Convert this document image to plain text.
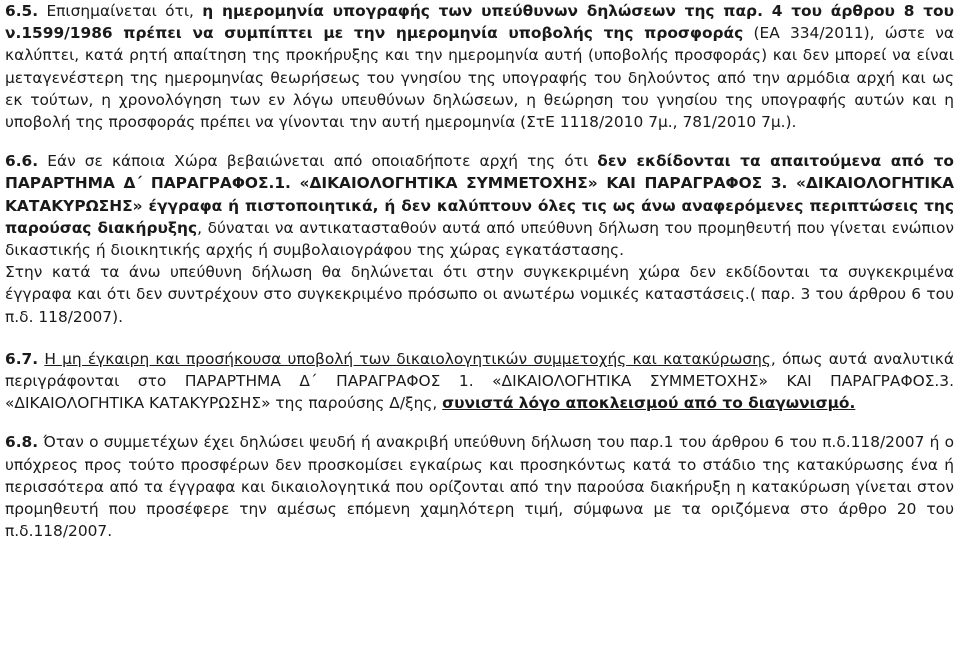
6.5. Επισημαίνεται ότι, η ημερομηνία υπογραφής των υπεύθυνων δηλώσεων της παρ. 4 του άρθρου 8 του ν.1599/1986 πρέπει να συμπίπτει με την ημερομηνία υποβολής της προσφοράς (ΕΑ 334/2011), ώστε να καλύπτει, κατά ρητή απαίτηση της προκήρυξης και την ημερομηνία αυτή (υποβολής προσφοράς) και δεν μπορεί να είναι μεταγενέστερη της ημερομηνίας θεωρήσεως του γνησίου της υπογραφής του δηλούντος από την αρμόδια αρχή και ως εκ τούτων, η χρονολόγηση των εν λόγω υπευθύνων δηλώσεων, η θεώρηση του γνησίου της υπογραφής αυτών και η υποβολή της προσφοράς πρέπει να γίνονται την αυτή ημερομηνία (ΣτΕ 1118/2010 7μ., 781/2010 7μ.).

6.6. Εάν σε κάποια Χώρα βεβαιώνεται από οποιαδήποτε αρχή της ότι δεν εκδίδονται τα απαιτούμενα από το ΠΑΡΑΡΤΗΜΑ Δ΄ ΠΑΡΑΓΡΑΦΟΣ.1. «ΔΙΚΑΙΟΛΟΓΗΤΙΚΑ ΣΥΜΜΕΤΟΧΗΣ» ΚΑΙ ΠΑΡΑΓΡΑΦΟΣ 3. «ΔΙΚΑΙΟΛΟΓΗΤΙΚΑ ΚΑΤΑΚΥΡΩΣΗΣ» έγγραφα ή πιστοποιητικά, ή δεν καλύπτουν όλες τις ως άνω αναφερόμενες περιπτώσεις της παρούσας διακήρυξης, δύναται να αντικατασταθούν αυτά από υπεύθυνη δήλωση του προμηθευτή που γίνεται ενώπιον δικαστικής ή διοικητικής αρχής ή συμβολαιογράφου της χώρας εγκατάστασης.

Στην κατά τα άνω υπεύθυνη δήλωση θα δηλώνεται ότι στην συγκεκριμένη χώρα δεν εκδίδονται τα συγκεκριμένα έγγραφα και ότι δεν συντρέχουν στο συγκεκριμένο πρόσωπο οι ανωτέρω νομικές καταστάσεις.( παρ. 3 του άρθρου 6 του π.δ. 118/2007).

6.7. Η μη έγκαιρη και προσήκουσα υποβολή των δικαιολογητικών συμμετοχής και κατακύρωσης, όπως αυτά αναλυτικά περιγράφονται στο ΠΑΡΑΡΤΗΜΑ Δ΄ ΠΑΡΑΓΡΑΦΟΣ 1. «ΔΙΚΑΙΟΛΟΓΗΤΙΚΑ ΣΥΜΜΕΤΟΧΗΣ» ΚΑΙ ΠΑΡΑΓΡΑΦΟΣ.3. «ΔΙΚΑΙΟΛΟΓΗΤΙΚΑ ΚΑΤΑΚΥΡΩΣΗΣ» της παρούσης Δ/ξης, συνιστά λόγο αποκλεισμού από το διαγωνισμό.

6.8. Όταν ο συμμετέχων έχει δηλώσει ψευδή ή ανακριβή υπεύθυνη δήλωση του παρ.1 του άρθρου 6 του π.δ.118/2007 ή ο υπόχρεος προς τούτο προσφέρων δεν προσκομίσει εγκαίρως και προσηκόντως κατά το στάδιο της κατακύρωσης ένα ή περισσότερα από τα έγγραφα και δικαιολογητικά που ορίζονται από την παρούσα διακήρυξη η κατακύρωση γίνεται στον προμηθευτή που προσέφερε την αμέσως επόμενη χαμηλότερη τιμή, σύμφωνα με τα οριζόμενα στο άρθρο 20 του π.δ.118/2007.
